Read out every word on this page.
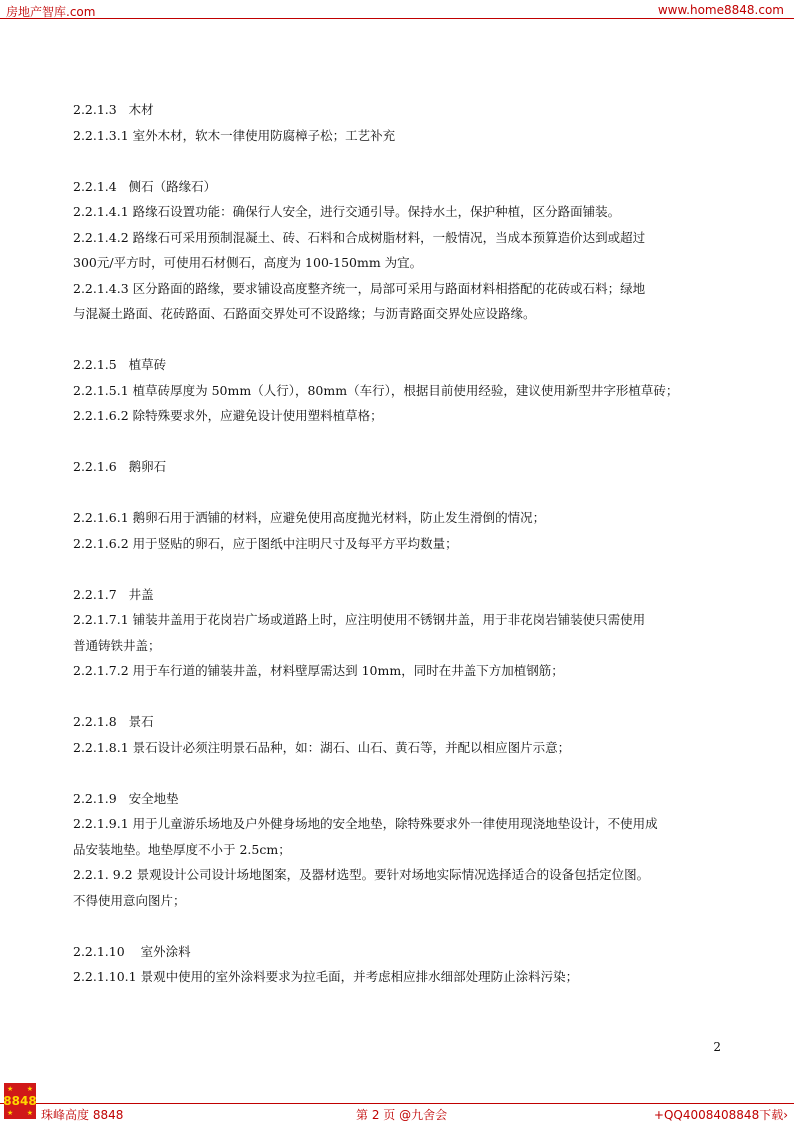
房地产智库.com	www.home8848.com

2.2.1.3   木材

2.2.1.3.1 室外木材，软木一律使用防腐樟子松；工艺补充

2.2.1.4   侧石（路缘石）

2.2.1.4.1 路缘石设置功能：确保行人安全，进行交通引导。保持水土，保护种植，区分路面铺装。

2.2.1.4.2 路缘石可采用预制混凝土、砖、石料和合成树脂材料，一般情况，当成本预算造价达到或超过

300元/平方时，可使用石材侧石，高度为 100-150mm 为宜。

2.2.1.4.3 区分路面的路缘，要求铺设高度整齐统一，局部可采用与路面材料相搭配的花砖或石料；绿地

与混凝土路面、花砖路面、石路面交界处可不设路缘；与沥青路面交界处应设路缘。

2.2.1.5   植草砖

2.2.1.5.1 植草砖厚度为 50mm（人行），80mm（车行），根据目前使用经验，建议使用新型井字形植草砖；

2.2.1.6.2 除特殊要求外，应避免设计使用塑料植草格；

2.2.1.6   鹅卵石

2.2.1.6.1 鹅卵石用于洒铺的材料，应避免使用高度抛光材料，防止发生滑倒的情况；

2.2.1.6.2 用于竖贴的卵石，应于图纸中注明尺寸及每平方平均数量；

2.2.1.7   井盖

2.2.1.7.1 铺装井盖用于花岗岩广场或道路上时，应注明使用不锈钢井盖，用于非花岗岩铺装使只需使用

普通铸铁井盖；

2.2.1.7.2 用于车行道的铺装井盖，材料壁厚需达到 10mm，同时在井盖下方加植钢筋；

2.2.1.8   景石

2.2.1.8.1 景石设计必须注明景石品种，如：湖石、山石、黄石等，并配以相应图片示意；

2.2.1.9   安全地垫

2.2.1.9.1 用于儿童游乐场地及户外健身场地的安全地垫，除特殊要求外一律使用现浇地垫设计，不使用成

品安装地垫。地垫厚度不小于 2.5cm；

2.2.1. 9.2 景观设计公司设计场地图案，及器材选型。要针对场地实际情况选择适合的设备包括定位图。

不得使用意向图片；

2.2.1.10    室外涂料

2.2.1.10.1 景观中使用的室外涂料要求为拉毛面，并考虑相应排水细部处理防止涂料污染；

2
★ ★
8848
★ ★ 珠峰高度 8848	第 2 页 @九舍会	+QQ4008408848下载›
